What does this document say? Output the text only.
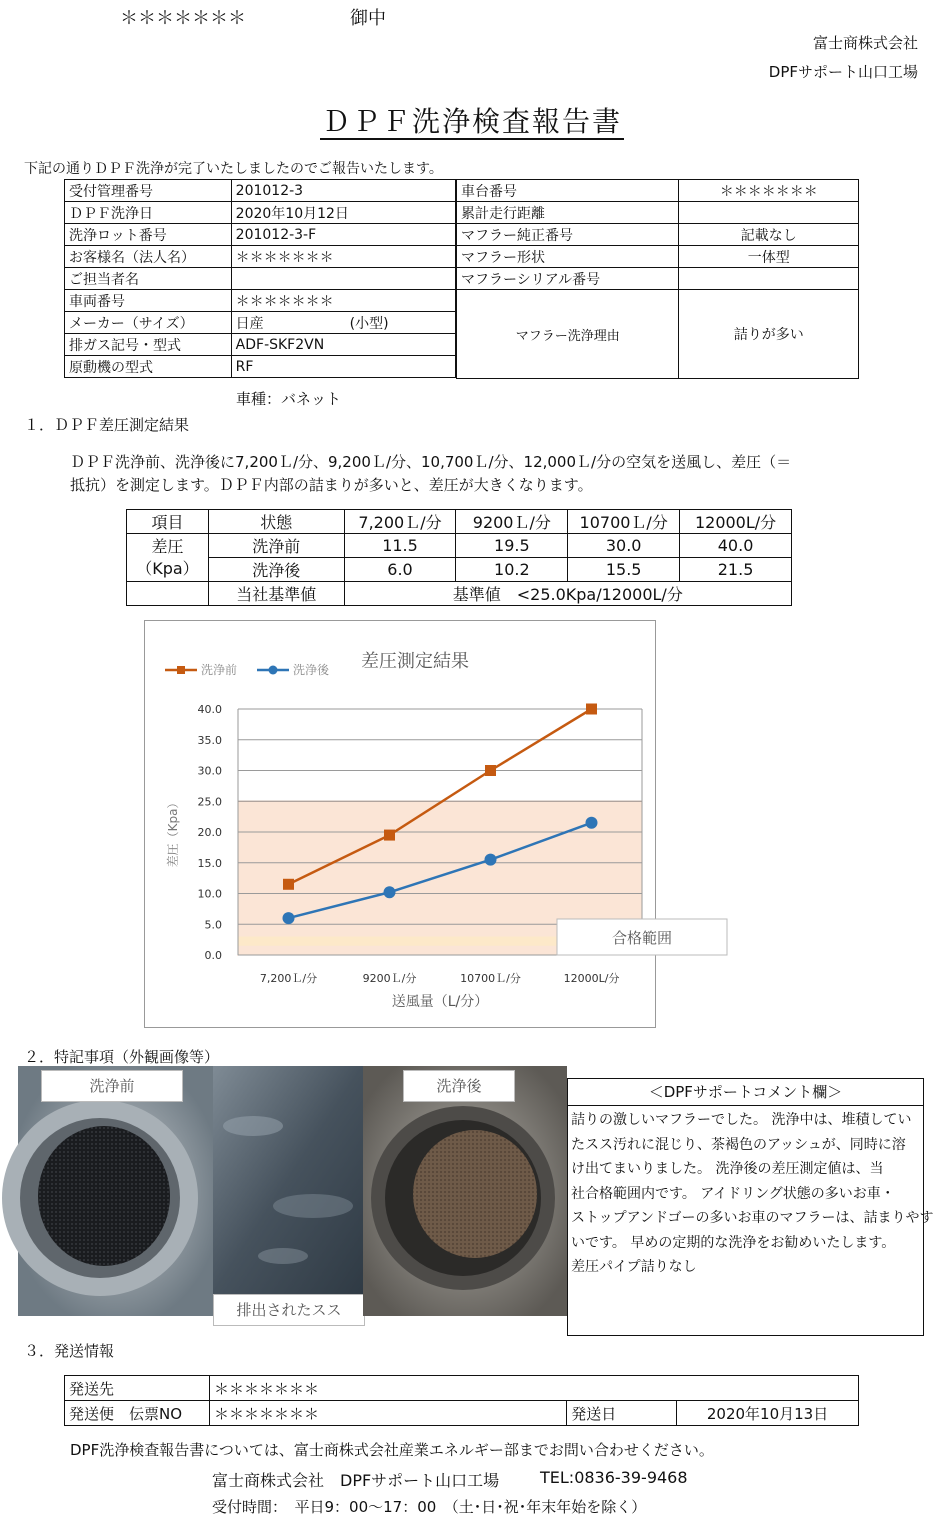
＊＊＊＊＊＊＊	御中
富士商株式会社
DPFサポート山口工場
ＤＰＦ洗浄検査報告書
下記の通りＤＰＦ洗浄が完了いたしましたのでご報告いたします。
受付管理番号	201012-3
ＤＰＦ洗浄日	2020年10月12日
洗浄ロット番号	201012-3-F
お客様名（法人名）	＊＊＊＊＊＊＊
ご担当者名	
車両番号	＊＊＊＊＊＊＊
メーカー（サイズ）	日産 (小型)
排ガス記号・型式	ADF-SKF2VN
原動機の型式	RF
車台番号	＊＊＊＊＊＊＊
累計走行距離	
マフラー純正番号	記載なし
マフラー形状	一体型
マフラーシリアル番号	
マフラー洗浄理由	詰りが多い
車種：バネット
１．ＤＰＦ差圧測定結果
ＤＰＦ洗浄前、洗浄後に7,200Ｌ/分、9,200Ｌ/分、10,700Ｌ/分、12,000Ｌ/分の空気を送風し、差圧（＝
抵抗）を測定します。ＤＰＦ内部の詰まりが多いと、差圧が大きくなります。
項目	状態	7,200Ｌ/分	9200Ｌ/分	10700Ｌ/分	12000L/分

差圧
（Kpa）	洗浄前	11.5	19.5	30.0	40.0
	洗浄後	6.0	10.2	15.5	21.5
	当社基準値	基準値　<25.0Kpa/12000L/分			
0.0
5.0
10.0
15.0
20.0
25.0
30.0
35.0
40.0
7,200Ｌ/分	9200Ｌ/分	10700Ｌ/分	12000L/分
送風量（L/分）
差圧（Kpa）
差圧測定結果
洗浄前	洗浄後
合格範囲
２．特記事項（外観画像等）
洗浄前
排出されたスス
洗浄後	＜DPFサポートコメント欄＞
詰りの激しいマフラーでした。 洗浄中は、堆積してい
たスス汚れに混じり、茶褐色のアッシュが、同時に溶
け出てまいりました。 洗浄後の差圧測定値は、当
社合格範囲内です。 アイドリング状態の多いお車・
ストップアンドゴーの多いお車のマフラーは、詰まりやす
いです。 早めの定期的な洗浄をお勧めいたします。
差圧パイプ詰りなし
３．発送情報
発送先	＊＊＊＊＊＊＊		
発送便　伝票NO	＊＊＊＊＊＊＊	発送日	2020年10月13日
DPF洗浄検査報告書については、富士商株式会社産業エネルギー部までお問い合わせください。
富士商株式会社　DPFサポート山口工場	TEL:0836-39-9468
受付時間：　平日9：00～17：00　（土･日･祝･年末年始を除く）
